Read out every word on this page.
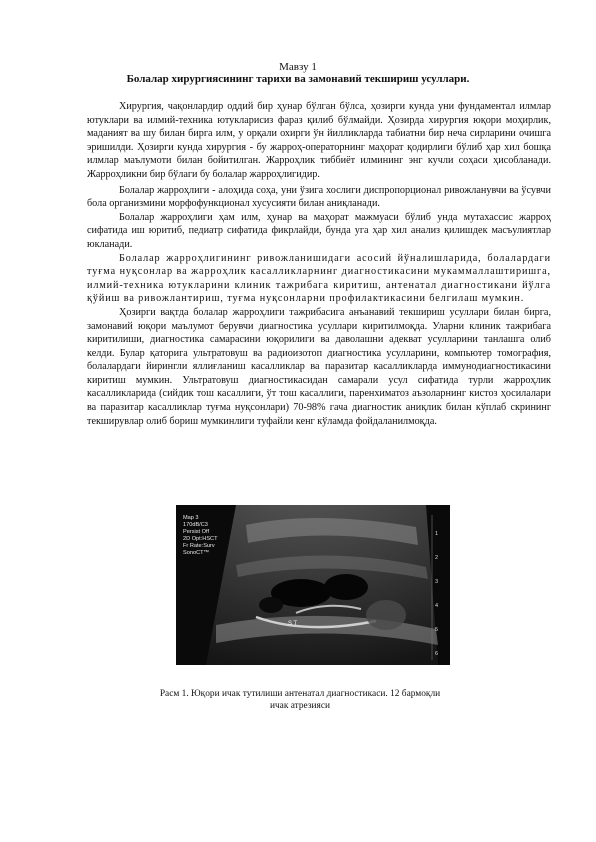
Мавзу 1
Болалар хирургиясининг тарихи ва замонавий текшириш усуллари.

Хирургия, чақонлардир оддий бир ҳунар бўлган бўлса, ҳозирги кунда уни фундаментал илмлар ютуклари ва илмий-техника ютукларисиз фараз қилиб бўлмайди. Ҳозирда хирургия юқори моҳирлик, маданият ва шу билан бирга илм, у орқали охирги ўн йилликларда табиатни бир неча сирларини очишга эришилди. Ҳозирги кунда хирургия - бу жарроҳ-операторнинг маҳорат қодирлиги бўлиб ҳар хил бошқа илмлар маълумоти билан бойитилган. Жарроҳлик тиббиёт илмининг энг кучли соҳаси ҳисобланади. Жарроҳликни бир бўлаги бу болалар жарроҳлигидир.

Болалар жарроҳлиги - алоҳида соҳа, уни ўзига хослиги диспропорционал ривожланувчи ва ўсувчи бола организмини морфофункционал хусусияти билан аниқланади.

Болалар жарроҳлиги ҳам илм, ҳунар ва маҳорат мажмуаси бўлиб унда мутахассис жарроҳ сифатида иш юритиб, педиатр сифатида фикрлайди, бунда уга ҳар хил анализ қилишдек масъулиятлар юкланади.

Болалар жарроҳлигининг ривожланишидаги асосий йўналишларида, болалардаги туғма нуқсонлар ва жарроҳлик касалликларнинг диагностикасини мукаммаллаштиришга, илмий-техника ютукларини клиник тажрибага киритиш, антенатал диагностикани йўлга қўйиш ва ривожлантириш, туғма нуқсонларни профилактикасини белгилаш мумкин.

Ҳозирги вақтда болалар жарроҳлиги тажрибасига анъанавий текшириш усуллари билан бирга, замонавий юқори маълумот берувчи диагностика усуллари киритилмоқда. Уларни клиник тажрибага киритилиши, диагностика самарасини юқорилиги ва даволашни адекват усулларини танлашга олиб келди. Булар қаторига ультратовуш ва радиоизотоп диагностика усулларини, компьютер томография, болалардаги йирингли яллиғланиш касалликлар ва паразитар касалликларда иммунодиагностикасини киритиш мумкин. Ультратовуш диагностикасидан самарали усул сифатида турли жарроҳлик касалликларида (сийдик тош касаллиги, ўт тош касаллиги, паренхиматоз аъзоларнинг кистоз ҳосилалари ва паразитар касалликлар туғма нуқсонлари) 70-98% гача диагностик аниқлик билан кўплаб скрининг текширувлар олиб бориш мумкинлиги туфайли кенг кўламда фойдаланилмоқда.

Map 3
170dB/C3
Persist Off
2D Opt:HSCT
Fr Rate:Surv
SonoCT™
1
2
3
4
5
6
S T
Расм 1. Юқори ичак тутилиши антенатал диагностикаси. 12 бармоқли ичак атрезияси
